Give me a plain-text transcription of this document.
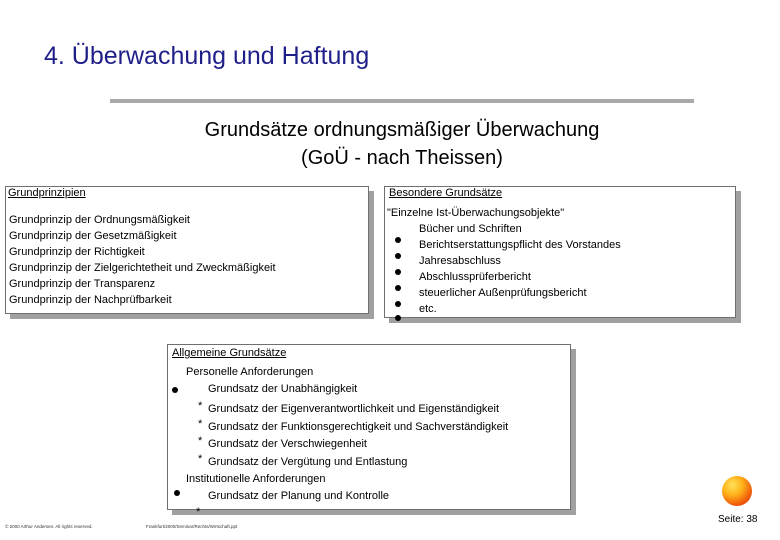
4. Überwachung und Haftung
Grundsätze ordnungsmäßiger Überwachung
(GoÜ - nach Theissen)
Grundprinzipien
Grundprinzip der Ordnungsmäßigkeit
Grundprinzip der Gesetzmäßigkeit
Grundprinzip der Richtigkeit
Grundprinzip der Zielgerichtetheit und Zweckmäßigkeit
Grundprinzip der Transparenz
Grundprinzip der Nachprüfbarkeit
Besondere Grundsätze
"Einzelne Ist-Überwachungsobjekte"
Bücher und Schriften
Berichtserstattungspflicht des Vorstandes
Jahresabschluss
Abschlussprüferbericht
steuerlicher Außenprüfungsbericht
etc.
Allgemeine Grundsätze
Personelle Anforderungen
Grundsatz der Unabhängigkeit
* Grundsatz der Eigenverantwortlichkeit und Eigenständigkeit
* Grundsatz der Funktionsgerechtigkeit und Sachverständigkeit
* Grundsatz der Verschwiegenheit
* Grundsatz der Vergütung und Entlastung
Institutionelle Anforderungen
Grundsatz der Planung und Kontrolle
*
© 2000 Arthur Andersen. All rights reserved.	Frankfurt/2000/Seminar/Rechts/Wirtschaft.ppt
Seite: 38
